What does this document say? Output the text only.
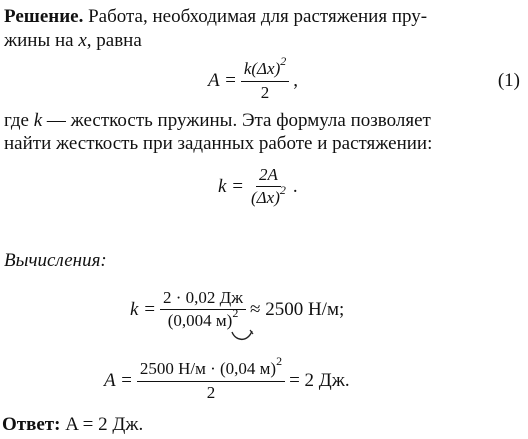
Решение. Работа, необходимая для растяжения пру-
жины на x, равна
$A = \frac{k(\Delta x)^2}{2}$ ,	(1)
где k — жесткость пружины. Эта формула позволяет
найти жесткость при заданных работе и растяжении:
$k = \frac{2A}{(\Delta x)^2}$ .
Вычисления:
$k = \frac{2 \cdot 0,02 Дж}{(0,004 м)^2} \approx 2500$ Н/м;
$A = \frac{2500 Н/м \cdot (0,04 м)^2}{2} = 2$ Дж.
Ответ: A = 2 Дж.
